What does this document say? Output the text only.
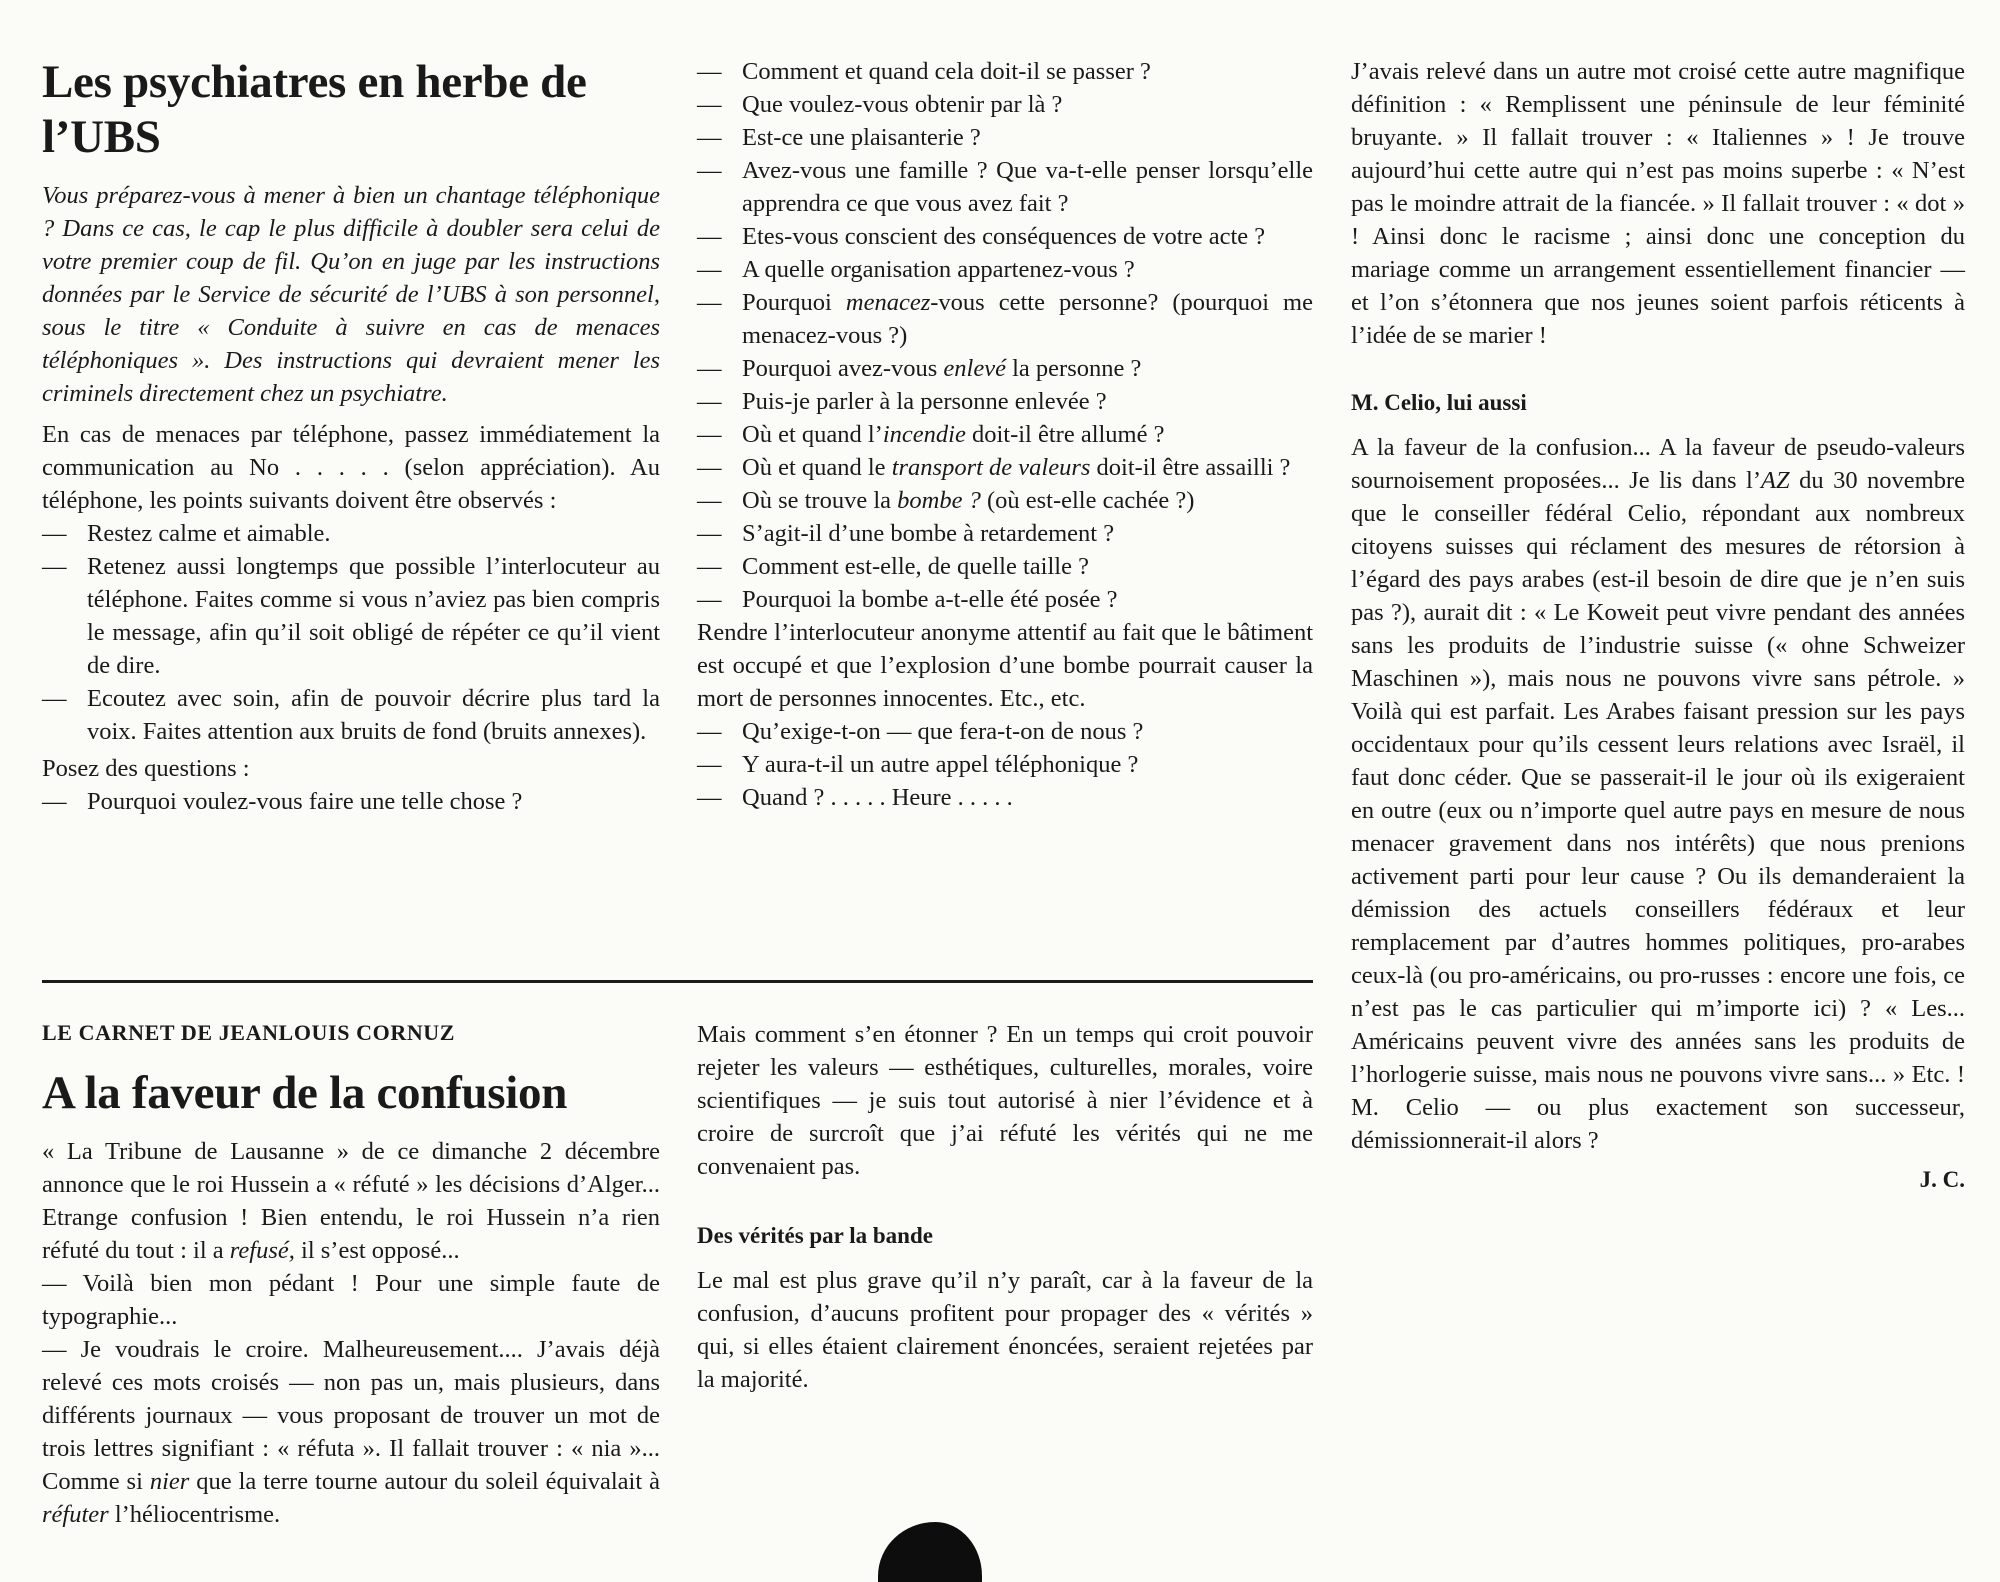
Les psychiatres en herbe de l’UBS
Vous préparez-vous à mener à bien un chantage téléphonique ? Dans ce cas, le cap le plus difficile à doubler sera celui de votre premier coup de fil. Qu’on en juge par les instructions données par le Service de sécurité de l’UBS à son personnel, sous le titre « Conduite à suivre en cas de menaces téléphoniques ». Des instructions qui devraient mener les criminels directement chez un psychiatre.

En cas de menaces par téléphone, passez immédiatement la communication au No . . . . . (selon appréciation). Au téléphone, les points suivants doivent être observés :

— Restez calme et aimable.

— Retenez aussi longtemps que possible l’interlocuteur au téléphone. Faites comme si vous n’aviez pas bien compris le message, afin qu’il soit obligé de répéter ce qu’il vient de dire.

— Ecoutez avec soin, afin de pouvoir décrire plus tard la voix. Faites attention aux bruits de fond (bruits annexes).

Posez des questions :

— Pourquoi voulez-vous faire une telle chose ?

— Comment et quand cela doit-il se passer ?

— Que voulez-vous obtenir par là ?

— Est-ce une plaisanterie ?

— Avez-vous une famille ? Que va-t-elle penser lorsqu’elle apprendra ce que vous avez fait ?

— Etes-vous conscient des conséquences de votre acte ?

— A quelle organisation appartenez-vous ?

— Pourquoi menacez-vous cette personne? (pourquoi me menacez-vous ?)

— Pourquoi avez-vous enlevé la personne ?

— Puis-je parler à la personne enlevée ?

— Où et quand l’incendie doit-il être allumé ?

— Où et quand le transport de valeurs doit-il être assailli ?

— Où se trouve la bombe ? (où est-elle cachée ?)

— S’agit-il d’une bombe à retardement ?

— Comment est-elle, de quelle taille ?

— Pourquoi la bombe a-t-elle été posée ?

Rendre l’interlocuteur anonyme attentif au fait que le bâtiment est occupé et que l’explosion d’une bombe pourrait causer la mort de personnes innocentes. Etc., etc.

— Qu’exige-t-on — que fera-t-on de nous ?

— Y aura-t-il un autre appel téléphonique ?

— Quand ? . . . . . Heure . . . . .

LE CARNET DE JEANLOUIS CORNUZ
A la faveur de la confusion

« La Tribune de Lausanne » de ce dimanche 2 décembre annonce que le roi Hussein a « réfuté » les décisions d’Alger... Etrange confusion ! Bien entendu, le roi Hussein n’a rien réfuté du tout : il a refusé, il s’est opposé...

— Voilà bien mon pédant ! Pour une simple faute de typographie...

— Je voudrais le croire. Malheureusement.... J’avais déjà relevé ces mots croisés — non pas un, mais plusieurs, dans différents journaux — vous proposant de trouver un mot de trois lettres signifiant : « réfuta ». Il fallait trouver : « nia »... Comme si nier que la terre tourne autour du soleil équivalait à réfuter l’héliocentrisme.

Mais comment s’en étonner ? En un temps qui croit pouvoir rejeter les valeurs — esthétiques, culturelles, morales, voire scientifiques — je suis tout autorisé à nier l’évidence et à croire de surcroît que j’ai réfuté les vérités qui ne me convenaient pas.

Des vérités par la bande

Le mal est plus grave qu’il n’y paraît, car à la faveur de la confusion, d’aucuns profitent pour propager des « vérités » qui, si elles étaient clairement énoncées, seraient rejetées par la majorité.

J’avais relevé dans un autre mot croisé cette autre magnifique définition : « Remplissent une péninsule de leur féminité bruyante. » Il fallait trouver : « Italiennes » ! Je trouve aujourd’hui cette autre qui n’est pas moins superbe : « N’est pas le moindre attrait de la fiancée. » Il fallait trouver : « dot » ! Ainsi donc le racisme ; ainsi donc une conception du mariage comme un arrangement essentiellement financier — et l’on s’étonnera que nos jeunes soient parfois réticents à l’idée de se marier !

M. Celio, lui aussi

A la faveur de la confusion... A la faveur de pseudo-valeurs sournoisement proposées... Je lis dans l’AZ du 30 novembre que le conseiller fédéral Celio, répondant aux nombreux citoyens suisses qui réclament des mesures de rétorsion à l’égard des pays arabes (est-il besoin de dire que je n’en suis pas ?), aurait dit : « Le Koweit peut vivre pendant des années sans les produits de l’industrie suisse (« ohne Schweizer Maschinen »), mais nous ne pouvons vivre sans pétrole. » Voilà qui est parfait. Les Arabes faisant pression sur les pays occidentaux pour qu’ils cessent leurs relations avec Israël, il faut donc céder. Que se passerait-il le jour où ils exigeraient en outre (eux ou n’importe quel autre pays en mesure de nous menacer gravement dans nos intérêts) que nous prenions activement parti pour leur cause ? Ou ils demanderaient la démission des actuels conseillers fédéraux et leur remplacement par d’autres hommes politiques, pro-arabes ceux-là (ou pro-américains, ou pro-russes : encore une fois, ce n’est pas le cas particulier qui m’importe ici) ? « Les... Américains peuvent vivre des années sans les produits de l’horlogerie suisse, mais nous ne pouvons vivre sans... » Etc. ! M. Celio — ou plus exactement son successeur, démissionnerait-il alors ?

J. C.
